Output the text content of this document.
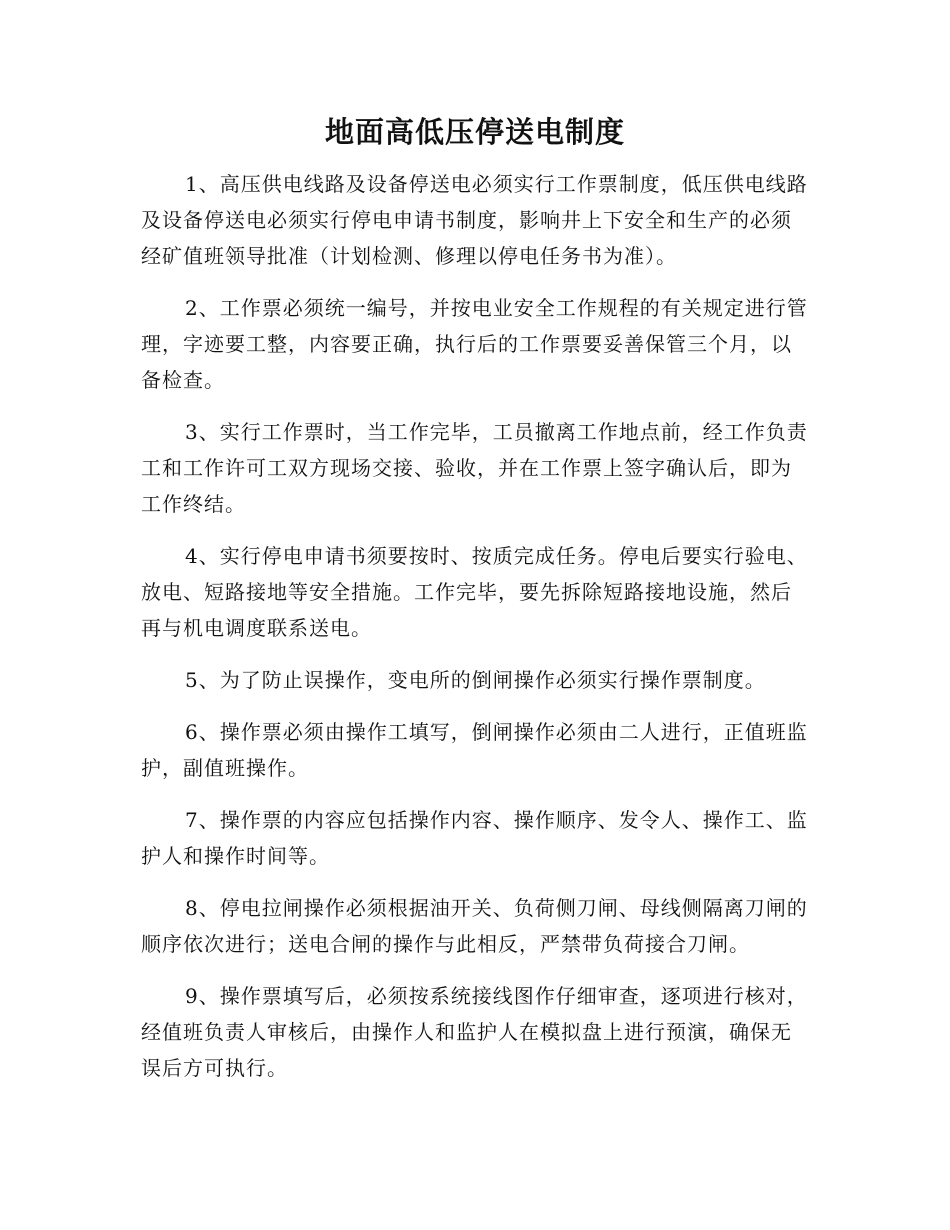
地面高低压停送电制度

1、高压供电线路及设备停送电必须实行工作票制度，低压供电线路及设备停送电必须实行停电申请书制度，影响井上下安全和生产的必须经矿值班领导批准（计划检测、修理以停电任务书为准）。

2、工作票必须统一编号，并按电业安全工作规程的有关规定进行管理，字迹要工整，内容要正确，执行后的工作票要妥善保管三个月，以备检查。

3、实行工作票时，当工作完毕，工员撤离工作地点前，经工作负责工和工作许可工双方现场交接、验收，并在工作票上签字确认后，即为工作终结。

4、实行停电申请书须要按时、按质完成任务。停电后要实行验电、放电、短路接地等安全措施。工作完毕，要先拆除短路接地设施，然后再与机电调度联系送电。

5、为了防止误操作，变电所的倒闸操作必须实行操作票制度。

6、操作票必须由操作工填写，倒闸操作必须由二人进行，正值班监护，副值班操作。

7、操作票的内容应包括操作内容、操作顺序、发令人、操作工、监护人和操作时间等。

8、停电拉闸操作必须根据油开关、负荷侧刀闸、母线侧隔离刀闸的顺序依次进行；送电合闸的操作与此相反，严禁带负荷接合刀闸。

9、操作票填写后，必须按系统接线图作仔细审查，逐项进行核对，经值班负责人审核后，由操作人和监护人在模拟盘上进行预演，确保无误后方可执行。
